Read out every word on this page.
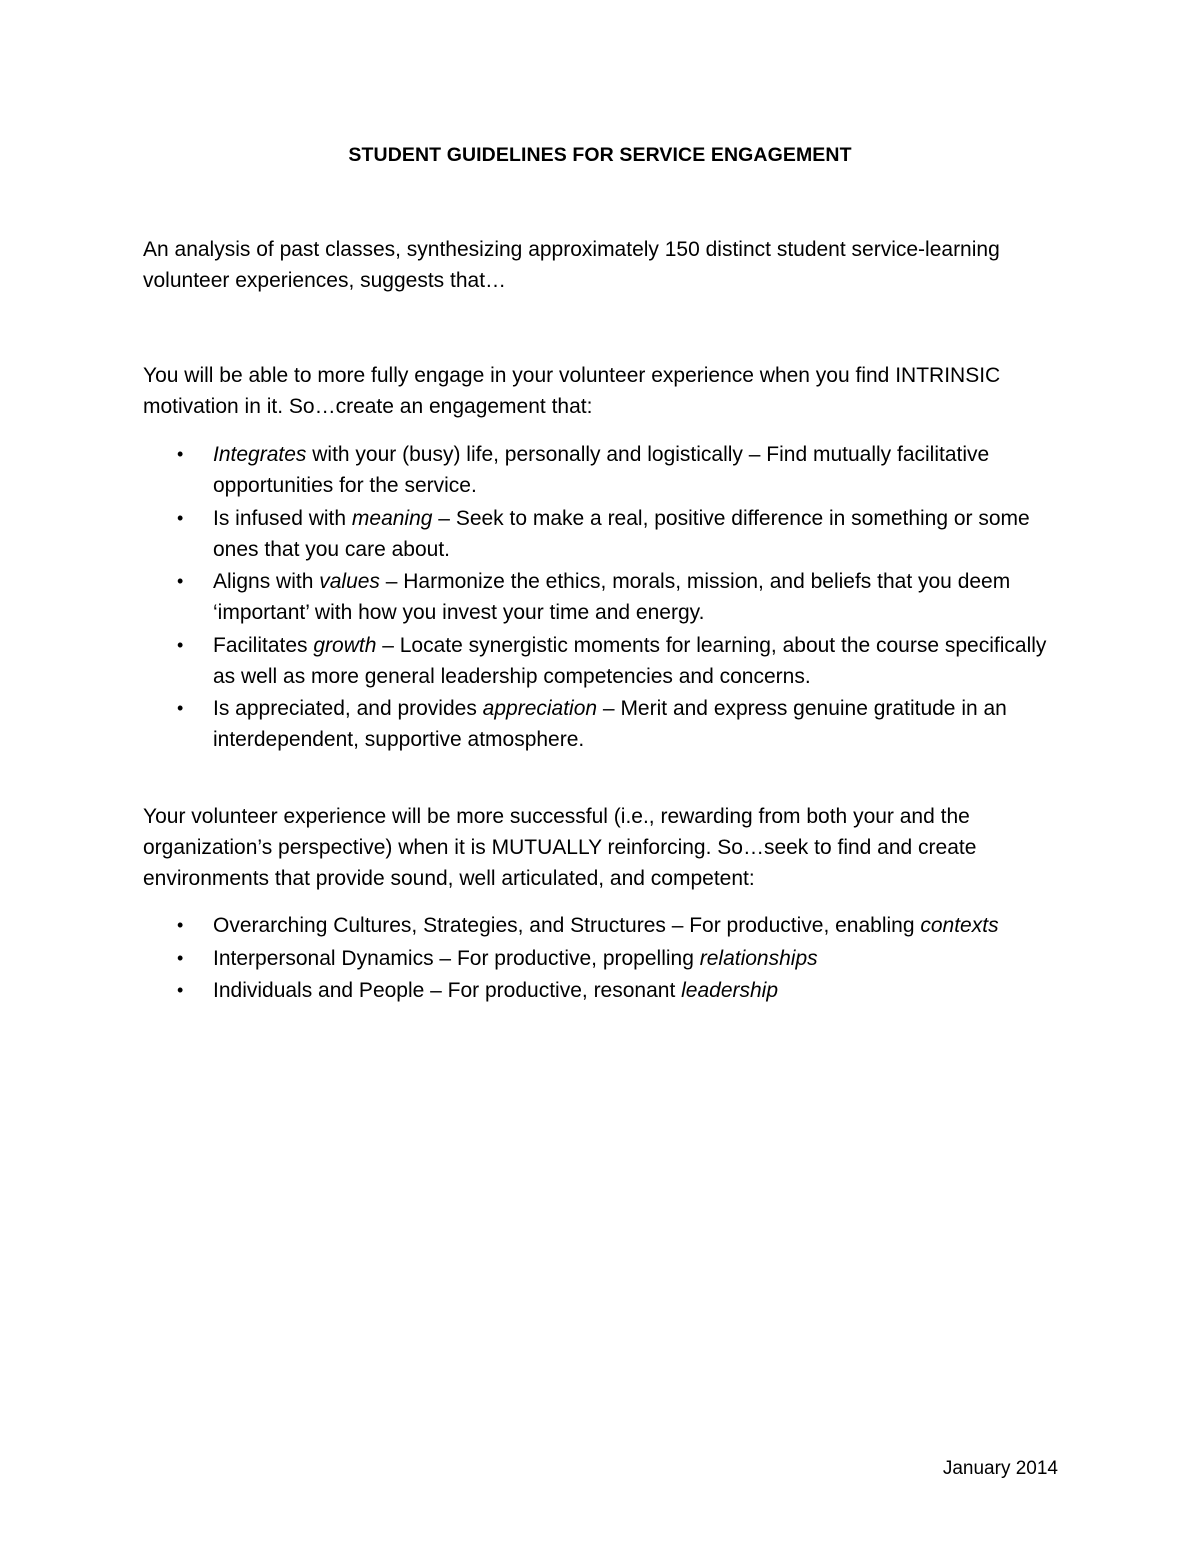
STUDENT GUIDELINES FOR SERVICE ENGAGEMENT
An analysis of past classes, synthesizing approximately 150 distinct student service-learning volunteer experiences, suggests that…
You will be able to more fully engage in your volunteer experience when you find INTRINSIC motivation in it. So…create an engagement that:
• Integrates with your (busy) life, personally and logistically – Find mutually facilitative opportunities for the service.
• Is infused with meaning – Seek to make a real, positive difference in something or some ones that you care about.
• Aligns with values – Harmonize the ethics, morals, mission, and beliefs that you deem ‘important’ with how you invest your time and energy.
• Facilitates growth – Locate synergistic moments for learning, about the course specifically as well as more general leadership competencies and concerns.
• Is appreciated, and provides appreciation – Merit and express genuine gratitude in an interdependent, supportive atmosphere.
Your volunteer experience will be more successful (i.e., rewarding from both your and the organization’s perspective) when it is MUTUALLY reinforcing. So…seek to find and create environments that provide sound, well articulated, and competent:
• Overarching Cultures, Strategies, and Structures – For productive, enabling contexts
• Interpersonal Dynamics – For productive, propelling relationships
• Individuals and People – For productive, resonant leadership
January 2014
